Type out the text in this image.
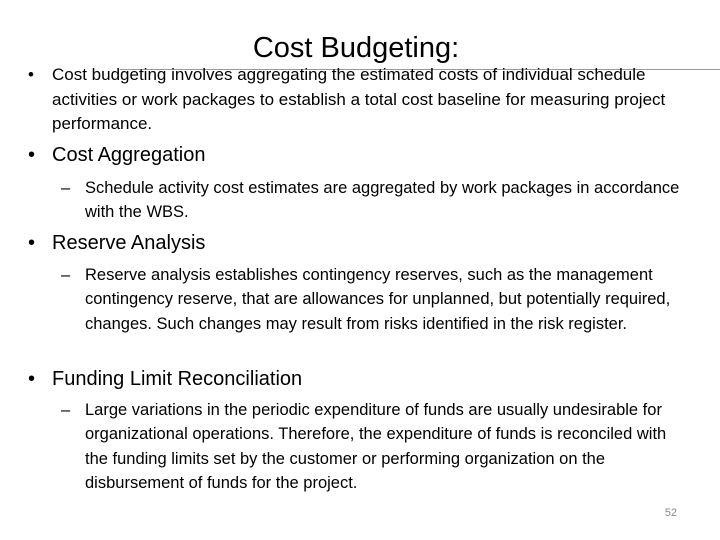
Cost Budgeting:
• Cost budgeting involves aggregating the estimated costs of individual schedule activities or work packages to establish a total cost baseline for measuring project performance.
• Cost Aggregation
– Schedule activity cost estimates are aggregated by work packages in accordance with the WBS.
• Reserve Analysis
– Reserve analysis establishes contingency reserves, such as the management contingency reserve, that are allowances for unplanned, but potentially required, changes. Such changes may result from risks identified in the risk register.
• Funding Limit Reconciliation
– Large variations in the periodic expenditure of funds are usually undesirable for organizational operations. Therefore, the expenditure of funds is reconciled with the funding limits set by the customer or performing organization on the disbursement of funds for the project.
52
